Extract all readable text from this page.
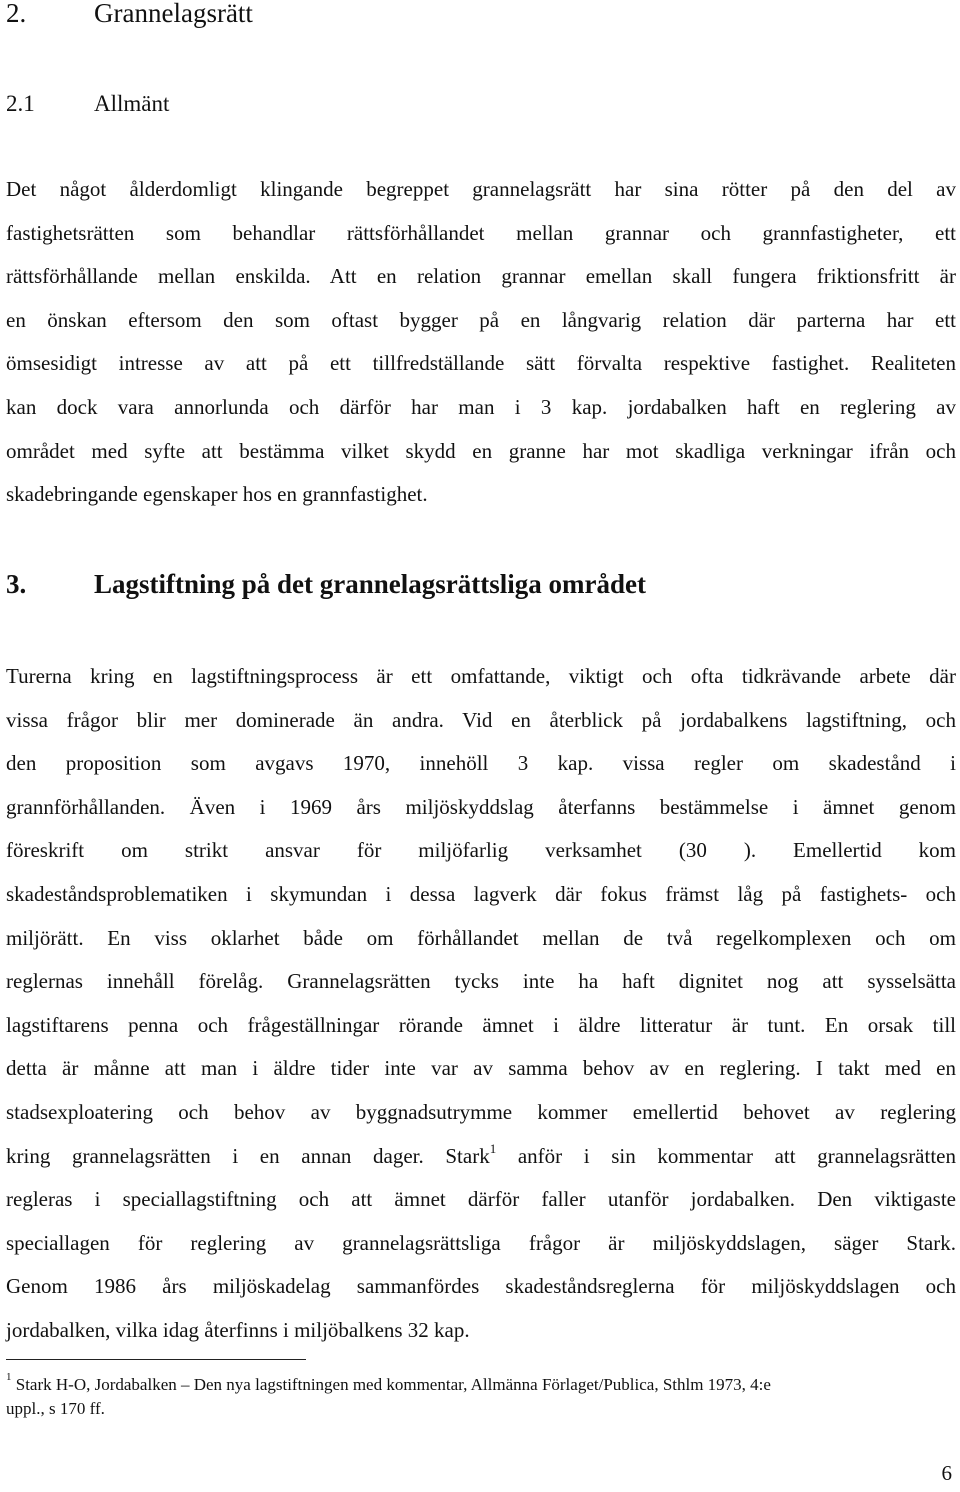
2.	Grannelagsrätt
2.1	Allmänt
Det något ålderdomligt klingande begreppet grannelagsrätt har sina rötter på den del av
fastighetsrätten som behandlar rättsförhållandet mellan grannar och grannfastigheter, ett
rättsförhållande mellan enskilda. Att en relation grannar emellan skall fungera friktionsfritt är
en önskan eftersom den som oftast bygger på en långvarig relation där parterna har ett
ömsesidigt intresse av att på ett tillfredställande sätt förvalta respektive fastighet. Realiteten
kan dock vara annorlunda och därför har man i 3 kap. jordabalken haft en reglering av
området med syfte att bestämma vilket skydd en granne har mot skadliga verkningar ifrån och
skadebringande egenskaper hos en grannfastighet.
3.	Lagstiftning på det grannelagsrättsliga området
Turerna kring en lagstiftningsprocess är ett omfattande, viktigt och ofta tidkrävande arbete där
vissa frågor blir mer dominerade än andra. Vid en återblick på jordabalkens lagstiftning, och
den proposition som avgavs 1970, innehöll 3 kap. vissa regler om skadestånd i
grannförhållanden. Även i 1969 års miljöskyddslag återfanns bestämmelse i ämnet genom
föreskrift om strikt ansvar för miljöfarlig verksamhet (30 ). Emellertid kom
skadeståndsproblematiken i skymundan i dessa lagverk där fokus främst låg på fastighets- och
miljörätt. En viss oklarhet både om förhållandet mellan de två regelkomplexen och om
reglernas innehåll förelåg. Grannelagsrätten tycks inte ha haft dignitet nog att sysselsätta
lagstiftarens penna och frågeställningar rörande ämnet i äldre litteratur är tunt. En orsak till
detta är månne att man i äldre tider inte var av samma behov av en reglering. I takt med en
stadsexploatering och behov av byggnadsutrymme kommer emellertid behovet av reglering
kring grannelagsrätten i en annan dager. Stark$^1$ anför i sin kommentar att grannelagsrätten
regleras i speciallagstiftning och att ämnet därför faller utanför jordabalken. Den viktigaste
speciallagen för reglering av grannelagsrättsliga frågor är miljöskyddslagen, säger Stark.
Genom 1986 års miljöskadelag sammanfördes skadeståndsreglerna för miljöskyddslagen och
jordabalken, vilka idag återfinns i miljöbalkens 32 kap.
$^1$ Stark H-O, Jordabalken – Den nya lagstiftningen med kommentar, Allmänna Förlaget/Publica, Sthlm 1973, 4:e
uppl., s 170 ff.
6
